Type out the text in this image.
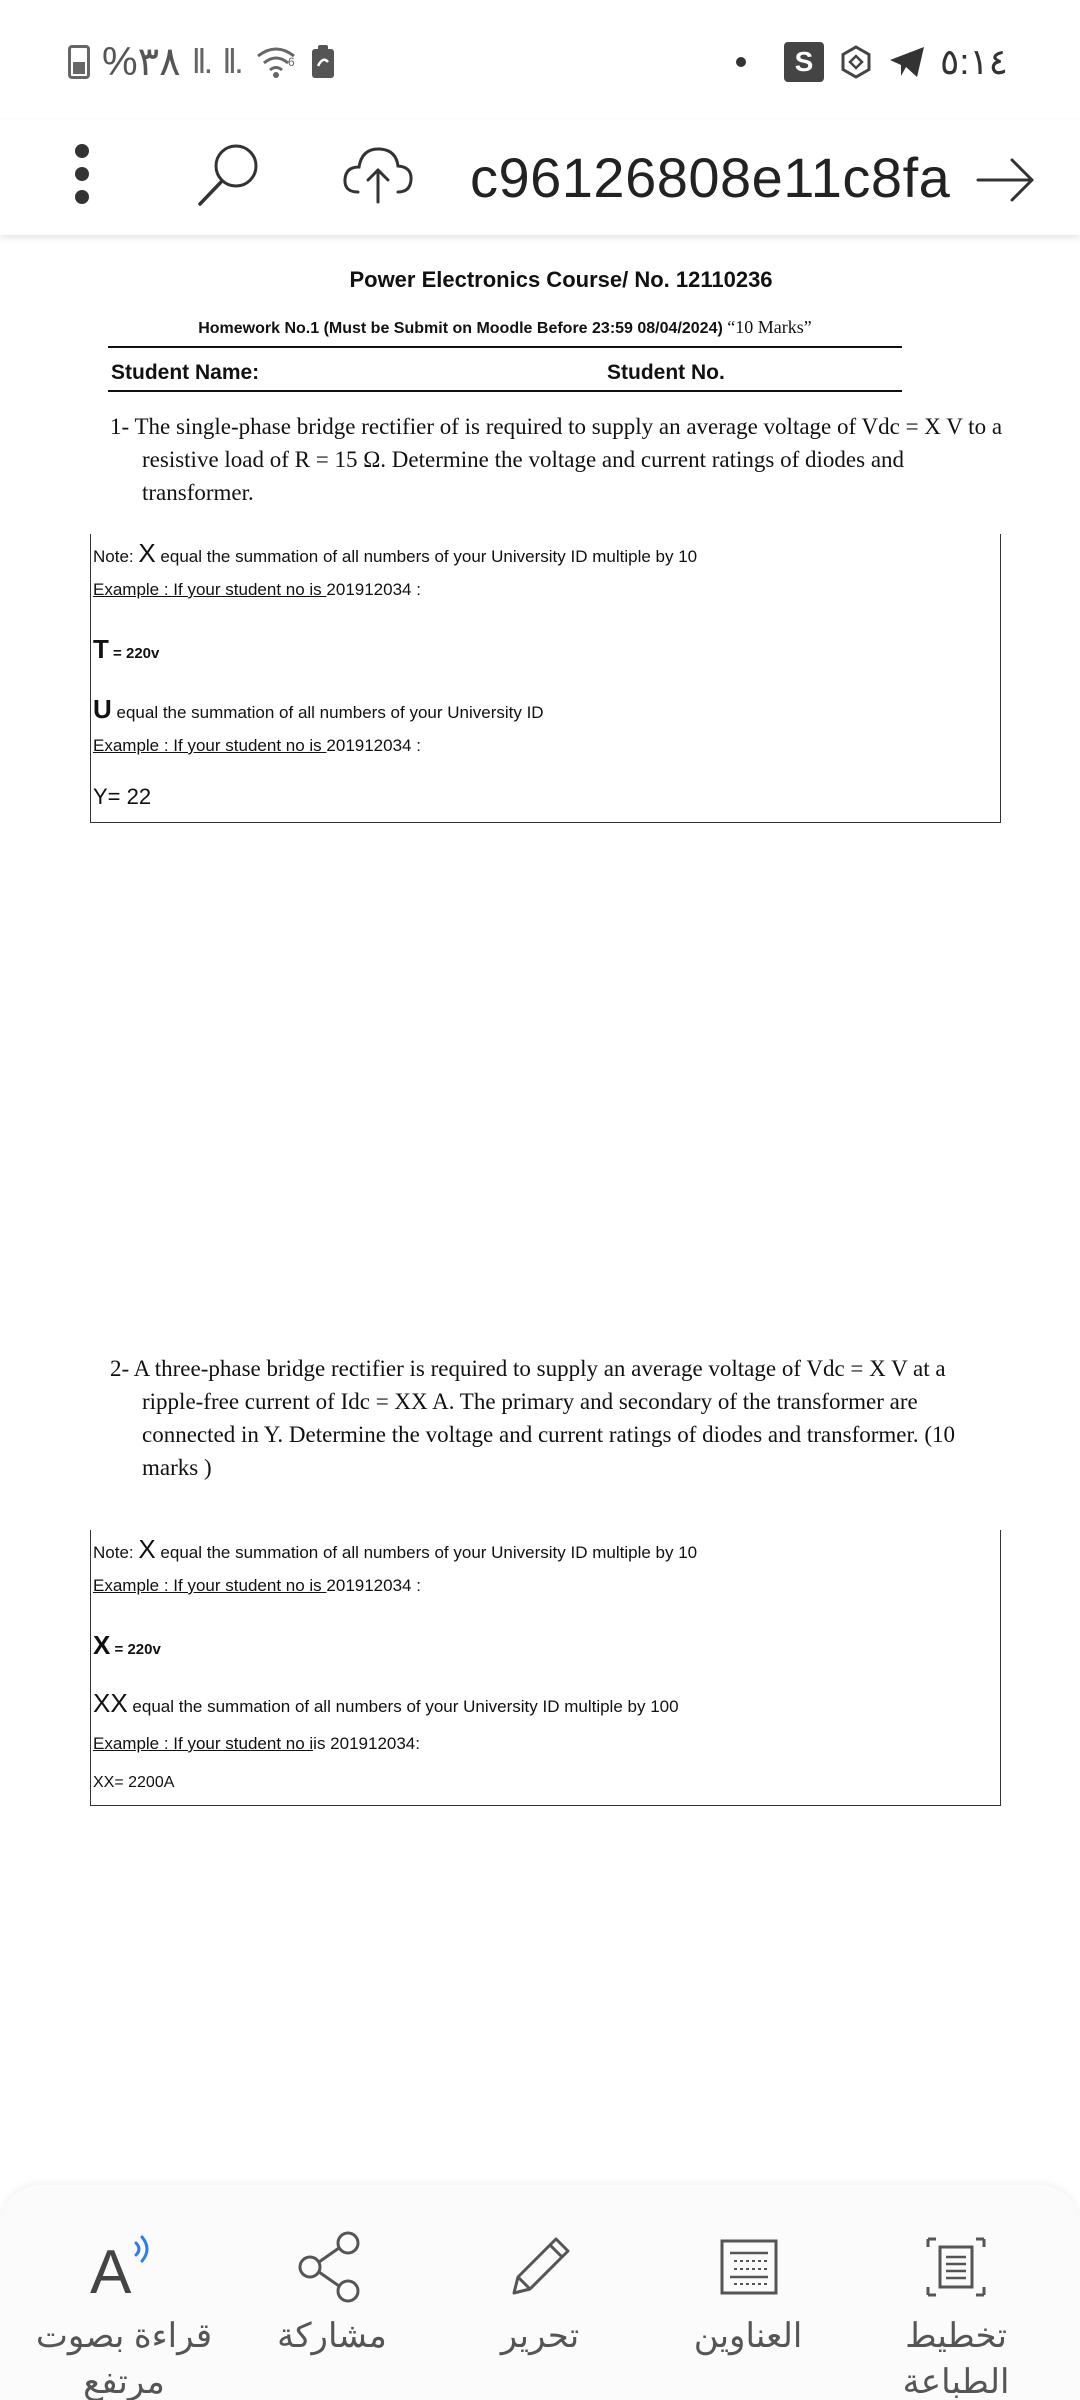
%٣٨ ll. ll.	6	S	٥:١٤
c96126808e11c8fa
Power Electronics Course/ No. 12110236
Homework No.1 (Must be Submit on Moodle Before 23:59 08/04/2024) “10 Marks”
Student Name:	Student No.
1- The single-phase bridge rectifier of is required to supply an average voltage of Vdc = X V to a resistive load of R = 15 Ω. Determine the voltage and current ratings of diodes and transformer.
Note: X equal the summation of all numbers of your University ID multiple by 10
Example : If your student no is 201912034 :
T = 220v
U equal the summation of all numbers of your University ID
Example : If your student no is 201912034 :
Y= 22
2- A three-phase bridge rectifier is required to supply an average voltage of Vdc = X V at a ripple-free current of Idc = XX A. The primary and secondary of the transformer are connected in Y. Determine the voltage and current ratings of diodes and transformer. (10 marks )
Note: X equal the summation of all numbers of your University ID multiple by 10
Example : If your student no is 201912034 :
X = 220v
XX equal the summation of all numbers of your University ID multiple by 100
Example : If your student no iis 201912034:
XX= 2200A
A
قراءة بصوت مرتفع
مشاركة	تحرير	العناوين	تخطيط الطباعة
